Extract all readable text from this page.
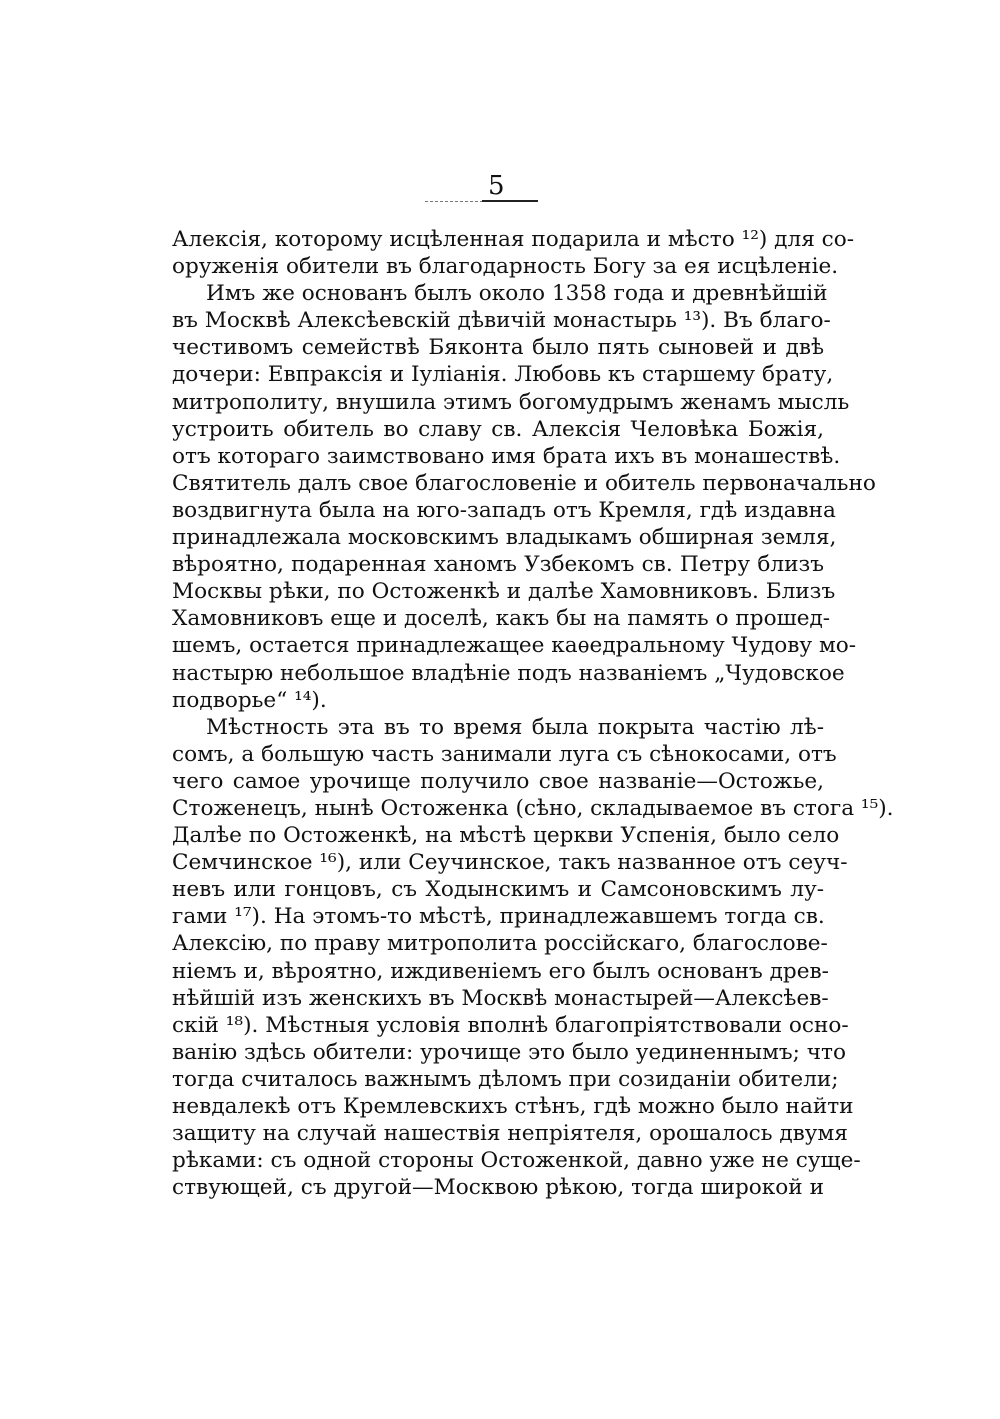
5
Алексія, которому исцѣленная подарила и мѣсто ¹²) для со-
оруженія обители въ благодарность Богу за ея исцѣленіе.
Имъ же основанъ былъ около 1358 года и древнѣйшій
въ Москвѣ Алексѣевскій дѣвичій монастырь ¹³). Въ благо-
честивомъ семействѣ Бяконта было пять сыновей и двѣ
дочери: Евпраксія и Іуліанія. Любовь къ старшему брату,
митрополиту, внушила этимъ богомудрымъ женамъ мысль
устроить обитель во славу св. Алексія Человѣка Божія,
отъ котораго заимствовано имя брата ихъ въ монашествѣ.
Святитель далъ свое благословеніе и обитель первоначально
воздвигнута была на юго-западъ отъ Кремля, гдѣ издавна
принадлежала московскимъ владыкамъ обширная земля,
вѣроятно, подаренная ханомъ Узбекомъ св. Петру близъ
Москвы рѣки, по Остоженкѣ и далѣе Хамовниковъ. Близъ
Хамовниковъ еще и доселѣ, какъ бы на память о прошед-
шемъ, остается принадлежащее каѳедральному Чудову мо-
настырю небольшое владѣніе подъ названіемъ „Чудовское
подворье“ ¹⁴).
Мѣстность эта въ то время была покрыта частію лѣ-
сомъ, а большую часть занимали луга съ сѣнокосами, отъ
чего самое урочище получило свое названіе—Остожье,
Стоженецъ, нынѣ Остоженка (сѣно, складываемое въ стога ¹⁵).
Далѣе по Остоженкѣ, на мѣстѣ церкви Успенія, было село
Семчинское ¹⁶), или Сеучинское, такъ названное отъ сеуч-
невъ или гонцовъ, съ Ходынскимъ и Самсоновскимъ лу-
гами ¹⁷). На этомъ-то мѣстѣ, принадлежавшемъ тогда св.
Алексію, по праву митрополита россійскаго, благослове-
ніемъ и, вѣроятно, иждивеніемъ его былъ основанъ древ-
нѣйшій изъ женскихъ въ Москвѣ монастырей—Алексѣев-
скій ¹⁸). Мѣстныя условія вполнѣ благопріятствовали осно-
ванію здѣсь обители: урочище это было уединеннымъ; что
тогда считалось важнымъ дѣломъ при созиданіи обители;
невдалекѣ отъ Кремлевскихъ стѣнъ, гдѣ можно было найти
защиту на случай нашествія непріятеля, орошалось двумя
рѣками: съ одной стороны Остоженкой, давно уже не суще-
ствующей, съ другой—Москвою рѣкою, тогда широкой и
